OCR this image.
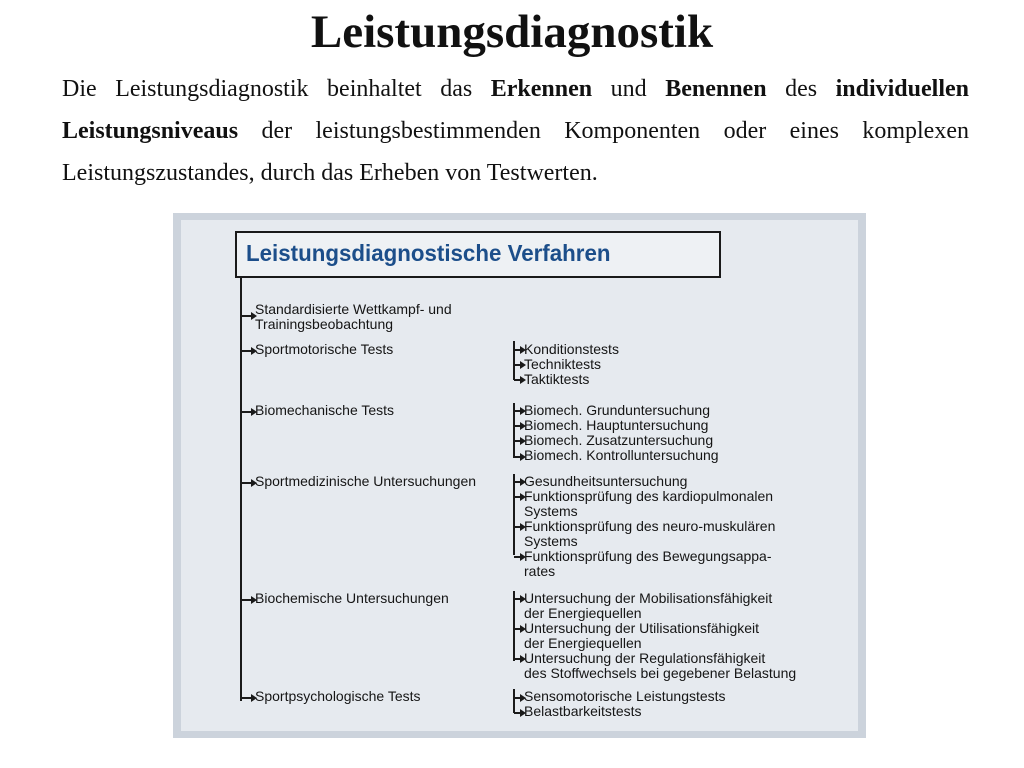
Leistungsdiagnostik

Die Leistungsdiagnostik beinhaltet das Erkennen und Benennen des individuellen Leistungsniveaus der leistungsbestimmenden Komponenten oder eines komplexen Leistungszustandes, durch das Erheben von Testwerten.

Leistungsdiagnostische Verfahren
Standardisierte Wettkampf- und
Trainingsbeobachtung
Sportmotorische Tests
Biomechanische Tests
Sportmedizinische Untersuchungen
Biochemische Untersuchungen
Sportpsychologische Tests
Konditionstests
Techniktests
Taktiktests
Biomech. Grunduntersuchung
Biomech. Hauptuntersuchung
Biomech. Zusatzuntersuchung
Biomech. Kontrolluntersuchung
Gesundheitsuntersuchung
Funktionsprüfung des kardiopulmonalen
Systems
Funktionsprüfung des neuro-muskulären
Systems
Funktionsprüfung des Bewegungsappa-
rates
Untersuchung der Mobilisationsfähigkeit
der Energiequellen
Untersuchung der Utilisationsfähigkeit
der Energiequellen
Untersuchung der Regulationsfähigkeit
des Stoffwechsels bei gegebener Belastung
Sensomotorische Leistungstests
Belastbarkeitstests
